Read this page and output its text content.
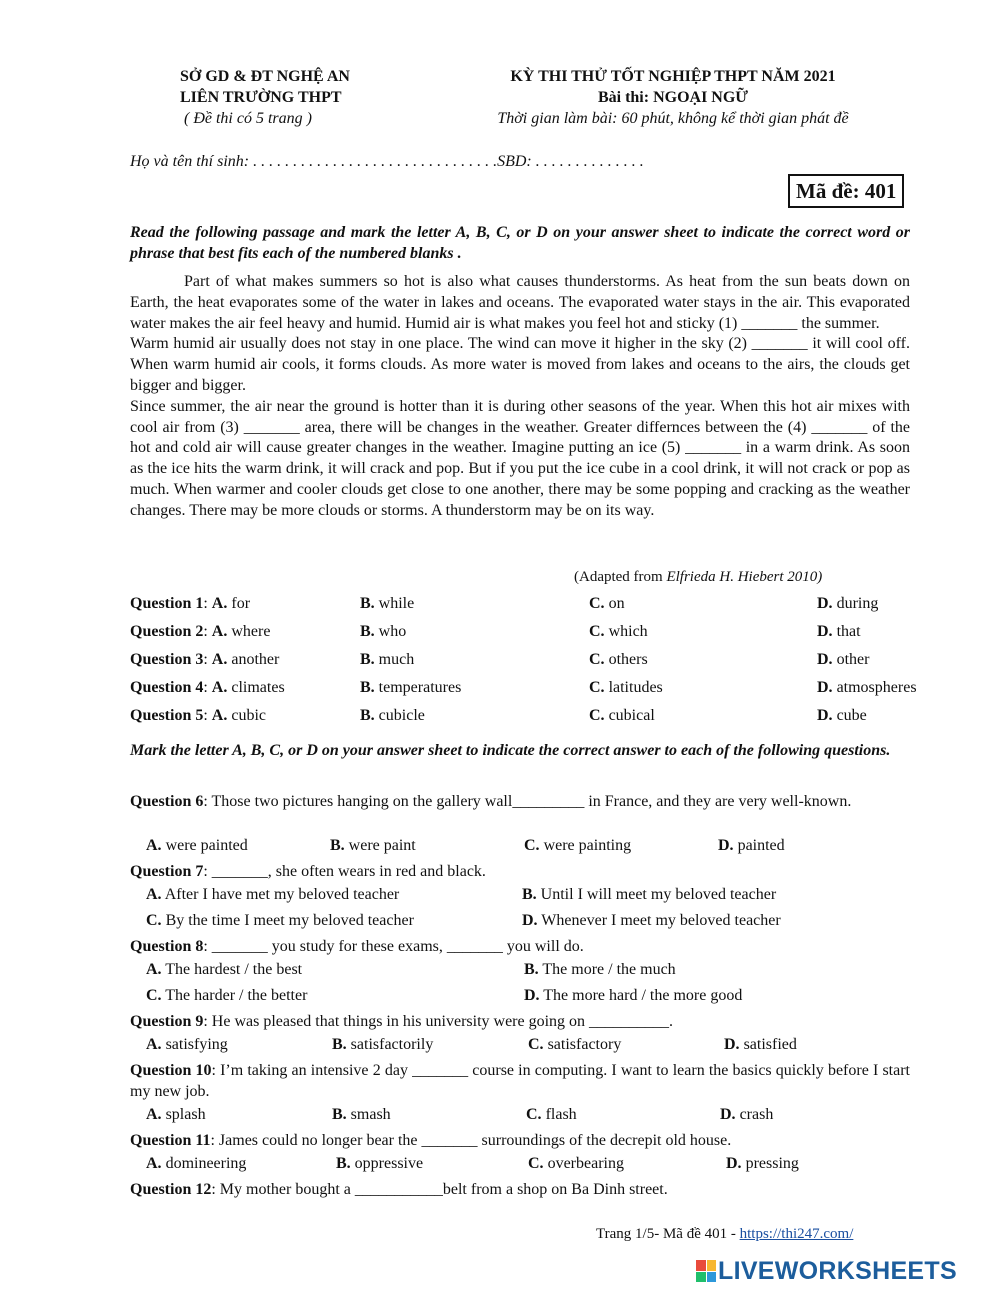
SỞ GD & ĐT NGHỆ AN
LIÊN TRƯỜNG THPT
( Đề thi có 5 trang )
KỲ THI THỬ TỐT NGHIỆP THPT NĂM 2021
Bài thi: NGOẠI NGỮ
Thời gian làm bài: 60 phút, không kể thời gian phát đề
Họ và tên thí sinh: . . . . . . . . . . . . . . . . . . . . . . . . . . . . . . .SBD: . . . . . . . . . . . . . .
Mã đề: 401
Read the following passage and mark the letter A, B, C, or D on your answer sheet to indicate the correct word or phrase that best fits each of the numbered blanks .

Part of what makes summers so hot is also what causes thunderstorms. As heat from the sun beats down on Earth, the heat evaporates some of the water in lakes and oceans. The evaporated water stays in the air. This evaporated water makes the air feel heavy and humid. Humid air is what makes you feel hot and sticky (1) _______ the summer.

Warm humid air usually does not stay in one place. The wind can move it higher in the sky (2) _______ it will cool off. When warm humid air cools, it forms clouds. As more water is moved from lakes and oceans to the airs, the clouds get bigger and bigger.

Since summer, the air near the ground is hotter than it is during other seasons of the year. When this hot air mixes with cool air from (3) _______ area, there will be changes in the weather. Greater differnces between the (4) _______ of the hot and cold air will cause greater changes in the weather. Imagine putting an ice (5) _______ in a warm drink. As soon as the ice hits the warm drink, it will crack and pop. But if you put the ice cube in a cool drink, it will not crack or pop as much. When warmer and cooler clouds get close to one another, there may be some popping and cracking as the weather changes. There may be more clouds or storms. A thunderstorm may be on its way.

(Adapted from Elfrieda H. Hiebert 2010)
Question 1: A. for	B. while	C. on	D. during
Question 2: A. where	B. who	C. which	D. that
Question 3: A. another	B. much	C. others	D. other
Question 4: A. climates	B. temperatures	C. latitudes	D. atmospheres
Question 5: A. cubic	B. cubicle	C. cubical	D. cube
Mark the letter A, B, C, or D on your answer sheet to indicate the correct answer to each of the following questions.
Question 6: Those two pictures hanging on the gallery wall_________ in France, and they are very well-known.
A. were painted	B. were paint	C. were painting	D. painted
Question 7: _______, she often wears in red and black.
A. After I have met my beloved teacher	B. Until I will meet my beloved teacher
C. By the time I meet my beloved teacher	D. Whenever I meet my beloved teacher
Question 8: _______ you study for these exams, _______ you will do.
A. The hardest / the best	B. The more / the much
C. The harder / the better	D. The more hard / the more good
Question 9: He was pleased that things in his university were going on __________.
A. satisfying	B. satisfactorily	C. satisfactory	D. satisfied
Question 10: I’m taking an intensive 2 day _______ course in computing. I want to learn the basics quickly before I start my new job.
A. splash	B. smash	C. flash	D. crash
Question 11: James could no longer bear the _______ surroundings of the decrepit old house.
A. domineering	B. oppressive	C. overbearing	D. pressing
Question 12: My mother bought a ___________belt from a shop on Ba Dinh street.
Trang 1/5- Mã đề 401 - https://thi247.com/
LIVEWORKSHEETS
